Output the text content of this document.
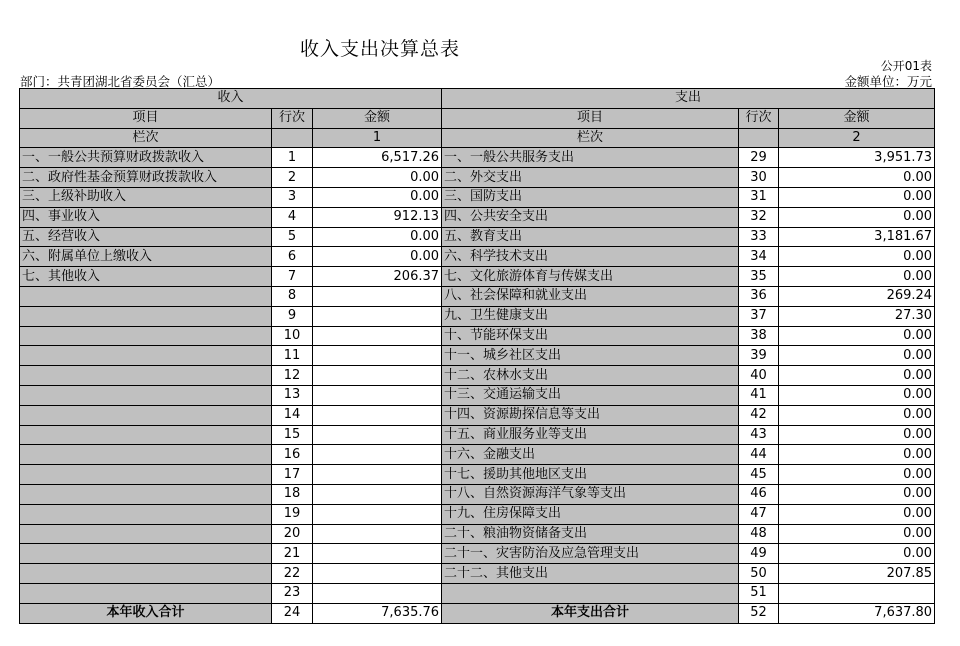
收入支出决算总表
公开01表
部门：共青团湖北省委员会（汇总）	金额单位：万元
收入			支出		
项目	行次	金额	项目	行次	金额
栏次		1	栏次		2
一、一般公共预算财政拨款收入	1	6,517.26	一、一般公共服务支出	29	3,951.73
二、政府性基金预算财政拨款收入	2	0.00	二、外交支出	30	0.00
三、上级补助收入	3	0.00	三、国防支出	31	0.00
四、事业收入	4	912.13	四、公共安全支出	32	0.00
五、经营收入	5	0.00	五、教育支出	33	3,181.67
六、附属单位上缴收入	6	0.00	六、科学技术支出	34	0.00
七、其他收入	7	206.37	七、文化旅游体育与传媒支出	35	0.00
	8		八、社会保障和就业支出	36	269.24
	9		九、卫生健康支出	37	27.30
	10		十、节能环保支出	38	0.00
	11		十一、城乡社区支出	39	0.00
	12		十二、农林水支出	40	0.00
	13		十三、交通运输支出	41	0.00
	14		十四、资源勘探信息等支出	42	0.00
	15		十五、商业服务业等支出	43	0.00
	16		十六、金融支出	44	0.00
	17		十七、援助其他地区支出	45	0.00
	18		十八、自然资源海洋气象等支出	46	0.00
	19		十九、住房保障支出	47	0.00
	20		二十、粮油物资储备支出	48	0.00
	21		二十一、灾害防治及应急管理支出	49	0.00
	22		二十二、其他支出	50	207.85
	23			51	
本年收入合计	24	7,635.76	本年支出合计	52	7,637.80
